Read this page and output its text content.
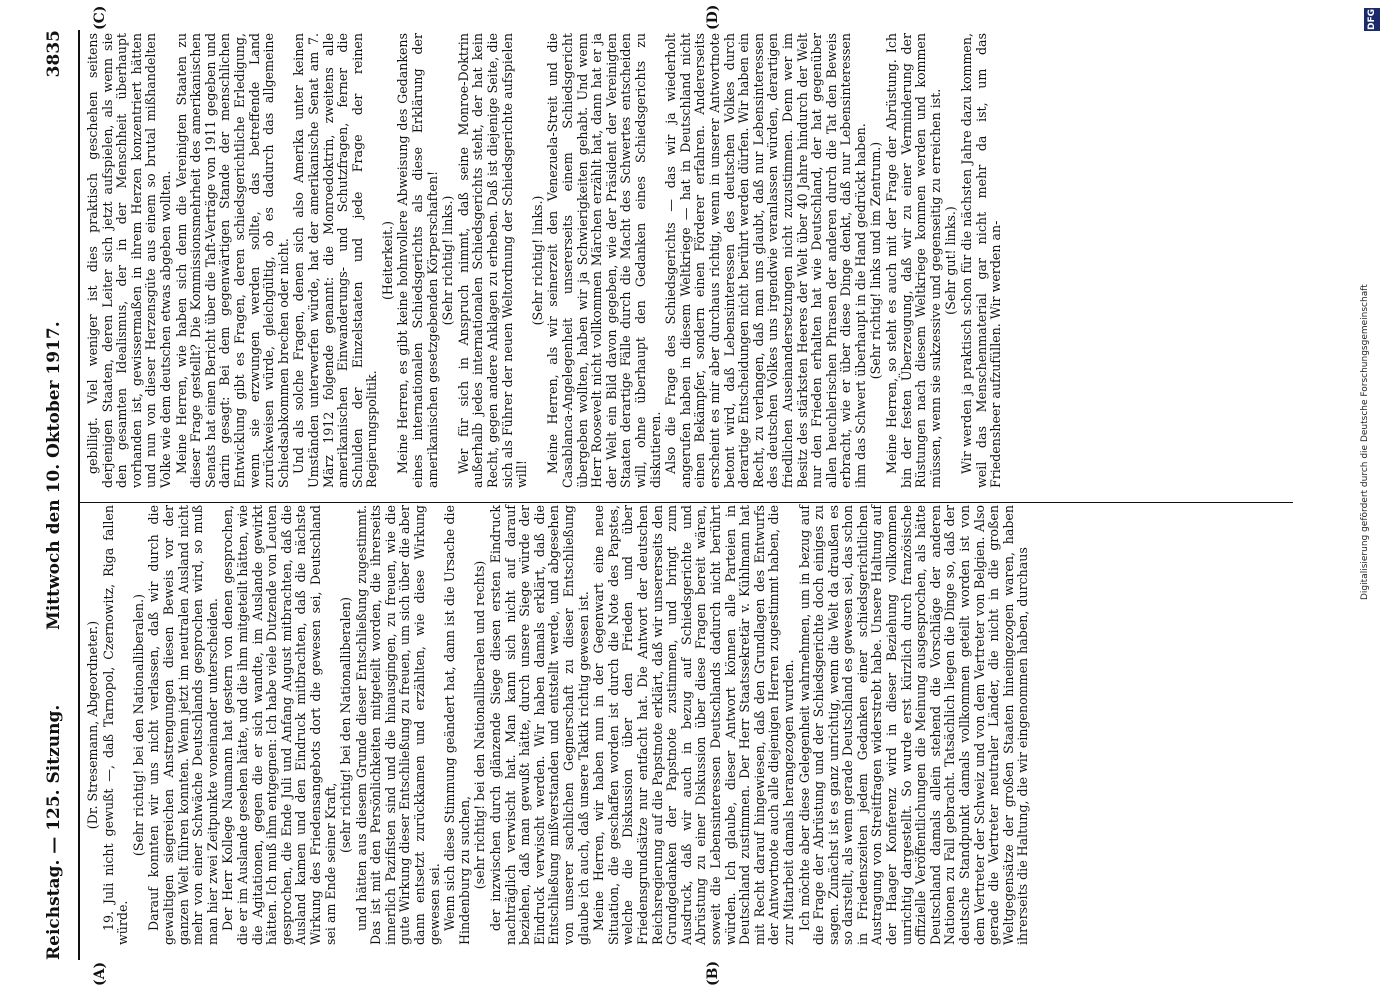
Reichstag. — 125. Sitzung.
Mittwoch den 10. Oktober 1917.
3835
(A)	(B)
(C)	(D)

(Dr. Stresemann, Abgeordneter.) 19. Juli nicht gewußt —, daß Tarnopol, Czernowitz, Riga fallen würde.

(Sehr richtig! bei den Nationalliberalen.) Darauf konnten wir uns nicht verlassen, daß wir durch die gewaltigen siegreichen Anstrengungen diesen Beweis vor der ganzen Welt führen konnten. Wenn jetzt im neutralen Ausland nicht mehr von einer Schwäche Deutschlands gesprochen wird, so muß man hier zwei Zeitpunkte voneinander unterscheiden. Der Herr Kollege Naumann hat gestern von denen gesprochen, die er im Auslande gesehen hätte, und die ihm mitgeteilt hätten, wie die Agitationen, gegen die er sich wandte, im Auslande gewirkt hätten. Ich muß ihm entgegnen: Ich habe viele Dutzende von Leuten gesprochen, die Ende Juli und Anfang August mitbrachten, daß die Ausland kamen und den Eindruck mitbrachten, daß die nächste Wirkung des Friedensangebots dort die gewesen sei, Deutschland sei am Ende seiner Kraft,

(sehr richtig! bei den Nationalliberalen) und hätten aus diesem Grunde dieser Entschließung zugestimmt. Das ist mit den Persönlichkeiten mitgeteilt worden, die ihrerseits innerlich Pazifisten sind und die hinausgingen, zu freuen, wie die gute Wirkung dieser Entschließung zu freuen, um sich über die aber dann entsetzt zurückkamen und erzählten, wie diese Wirkung gewesen sei. Wenn sich diese Stimmung geändert hat, dann ist die Ursache die Hindenburg zu suchen, (sehr richtig! bei den Nationalliberalen und rechts) der inzwischen durch glänzende Siege diesen ersten Eindruck nachträglich verwischt hat. Man kann sich nicht auf darauf beziehen, daß man gewußt hätte, durch unsere Siege würde der Eindruck verwischt werden. Wir haben damals erklärt, daß die Entschließung mißverstanden und entstellt werde, und abgesehen von unserer sachlichen Gegnerschaft zu dieser Entschließung glaube ich auch, daß unsere Taktik richtig gewesen ist. Meine Herren, wir haben nun in der Gegenwart eine neue Situation, die geschaffen worden ist durch die Note des Papstes, welche die Diskussion über den Frieden und über Friedensgrundsätze nur entfacht hat. Die Antwort der deutschen Reichsregierung auf die Papstnote erklärt, daß wir unsererseits den Grundgedanken der Papstnote zustimmen, und bringt zum Ausdruck, daß wir auch in bezug auf Schiedsgerichte und Abrüstung zu einer Diskussion über diese Fragen bereit wären, soweit die Lebensinteressen Deutschlands dadurch nicht berührt würden. Ich glaube, dieser Antwort können alle Parteien in Deutschland zustimmen. Der Herr Staatssekretär v. Kühlmann hat mit Recht darauf hingewiesen, daß den Grundlagen des Entwurfs der Antwortnote auch alle diejenigen Herren zugestimmt haben, die zur Mitarbeit damals herangezogen wurden. Ich möchte aber diese Gelegenheit wahrnehmen, um in bezug auf die Frage der Abrüstung und der Schiedsgerichte doch einiges zu sagen. Zunächst ist es ganz unrichtig, wenn die Welt da draußen es so darstellt, als wenn gerade Deutschland es gewesen sei, das schon in Friedenszeiten jedem Gedanken einer schiedsgerichtlichen Austragung von Streitfragen widerstrebt habe. Unsere Haltung auf der Haager Konferenz wird in dieser Beziehung vollkommen unrichtig dargestellt. So wurde erst kürzlich durch französische offizielle Veröffentlichungen die Meinung ausgesprochen, als hätte Deutschland damals allein stehend die Vorschläge der anderen Nationen zu Fall gebracht. Tatsächlich liegen die Dinge so, daß der deutsche Standpunkt damals vollkommen geteilt worden ist von dem Vertreter der Schweiz und von dem Vertreter von Belgien. Also gerade die Vertreter neutraler Länder, die nicht in die großen Weltgegensätze der großen Staaten hineingezogen waren, haben ihrerseits die Haltung, die wir eingenommen haben, durchaus

gebilligt. Viel weniger ist dies praktisch geschehen seitens derjenigen Staaten, deren Leiter sich jetzt aufspielen, als wenn sie den gesamten Idealismus, der in der Menschheit überhaupt vorhanden ist, gewissermaßen in ihrem Herzen konzentriert hätten und nun von dieser Herzensgüte aus einem so brutal mißhandelten Volke wie dem deutschen etwas abgeben wollten. Meine Herren, wie haben sich denn die Vereinigten Staaten zu dieser Frage gestellt? Die Kommissionsmehrheit des amerikanischen Senats hat einen Bericht über die Taft-Verträge von 1911 gegeben und darin gesagt: Bei dem gegenwärtigen Stande der menschlichen Entwicklung gibt es Fragen, deren schiedsgerichtliche Erledigung, wenn sie erzwungen werden sollte, das betreffende Land zurückweisen würde, gleichgültig, ob es dadurch das allgemeine Schiedsabkommen brechen oder nicht. Und als solche Fragen, denen sich also Amerika unter keinen Umständen unterwerfen würde, hat der amerikanische Senat am 7. März 1912 folgende genannt: die Monroedoktrin, zweitens alle amerikanischen Einwanderungs- und Schutzfragen, ferner die Schulden der Einzelstaaten und jede Frage der reinen Regierungspolitik.

(Heiterkeit.) Meine Herren, es gibt keine hohnvollere Abweisung des Gedankens eines internationalen Schiedsgerichts als diese Erklärung der amerikanischen gesetzgebenden Körperschaften! (Sehr richtig! links.) Wer für sich in Anspruch nimmt, daß seine Monroe-Doktrin außerhalb jedes internationalen Schiedsgerichts steht, der hat kein Recht, gegen andere Anklagen zu erheben. Daß ist diejenige Seite, die sich als Führer der neuen Weltordnung der Schiedsgerichte aufspielen will!

(Sehr richtig! links.) Meine Herren, als wir seinerzeit den Venezuela-Streit und die Casablanca-Angelegenheit unsererseits einem Schiedsgericht übergeben wollten, haben wir ja Schwierigkeiten gehabt. Und wenn Herr Roosevelt nicht vollkommen Märchen erzählt hat, dann hat er ja der Welt ein Bild davon gegeben, wie der Präsident der Vereinigten Staaten derartige Fälle durch die Macht des Schwertes entscheiden will, ohne überhaupt den Gedanken eines Schiedsgerichts zu diskutieren. Also die Frage des Schiedsgerichts — das wir ja wiederholt angerufen haben in diesem Weltkriege — hat in Deutschland nicht einen Bekämpfer, sondern einen Förderer erfahren. Andererseits erscheint es mir aber durchaus richtig, wenn in unserer Antwortnote betont wird, daß Lebensinteressen des deutschen Volkes durch derartige Entscheidungen nicht berührt werden dürfen. Wir haben ein Recht, zu verlangen, daß man uns glaubt, daß nur Lebensinteressen des deutschen Volkes uns irgendwie veranlassen würden, derartigen friedlichen Auseinandersetzungen nicht zuzustimmen. Denn wer im Besitz des stärksten Heeres der Welt über 40 Jahre hindurch der Welt nur den Frieden erhalten hat wie Deutschland, der hat gegenüber allen heuchlerischen Phrasen der anderen durch die Tat den Beweis erbracht, wie er über diese Dinge denkt, daß nur Lebensinteressen ihm das Schwert überhaupt in die Hand gedrückt haben. (Sehr richtig! links und im Zentrum.) Meine Herren, so steht es auch mit der Frage der Abrüstung. Ich bin der festen Überzeugung, daß wir zu einer Verminderung der Rüstungen nach diesem Weltkriege kommen werden und kommen müssen, wenn sie sukzessive und gegenseitig zu erreichen ist. (Sehr gut! links.) Wir werden ja praktisch schon für die nächsten Jahre dazu kommen, weil das Menschenmaterial gar nicht mehr da ist, um das Friedensheer aufzufüllen. Wir werden an-	Digitalisierung gefördert durch die Deutsche Forschungsgemeinschaft
DFG
